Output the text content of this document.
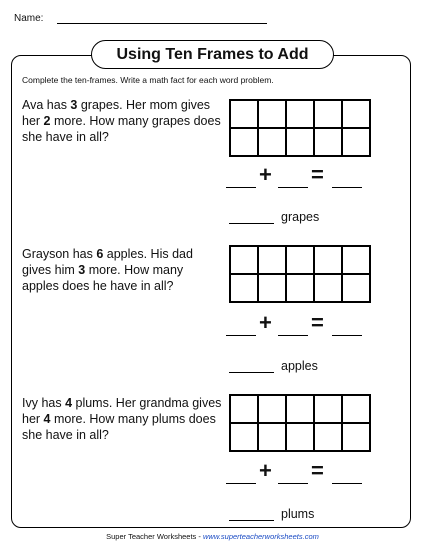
Name:
Using Ten Frames to Add
Complete the ten-frames. Write a math fact for each word problem.
Ava has 3 grapes. Her mom gives her 2 more. How many grapes does she have in all?
+ =
grapes
Grayson has 6 apples. His dad gives him 3 more. How many apples does he have in all?
+ =
apples
Ivy has 4 plums. Her grandma gives her 4 more. How many plums does she have in all?
+ =
plums
Super Teacher Worksheets - www.superteacherworksheets.com
